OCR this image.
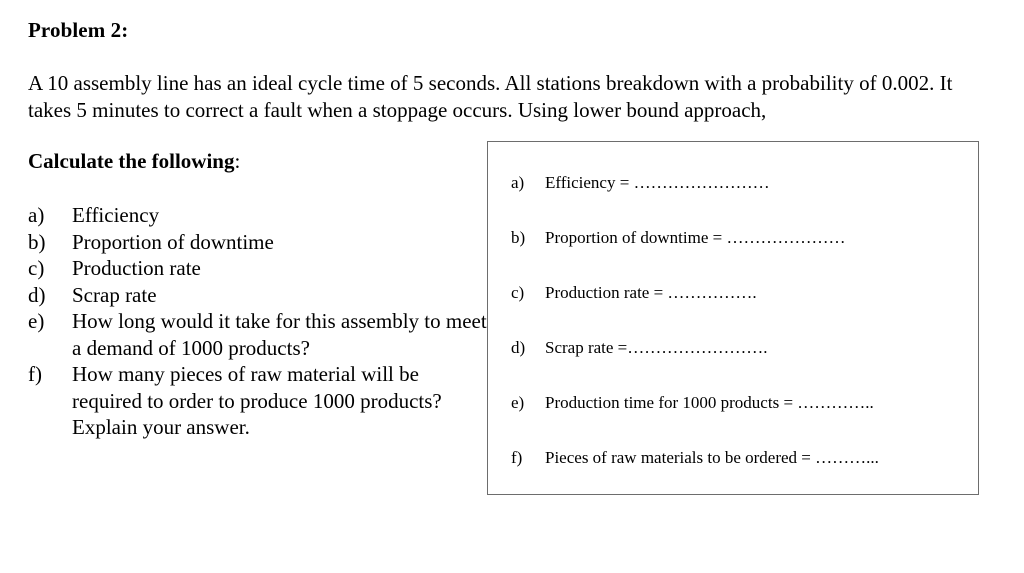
Problem 2:
A 10 assembly line has an ideal cycle time of 5 seconds. All stations breakdown with a probability of 0.002. It takes 5 minutes to correct a fault when a stoppage occurs. Using lower bound approach,
Calculate the following:
a)	Efficiency
b)	Proportion of downtime
c)	Production rate
d)	Scrap rate
e)	How long would it take for this assembly to meet a demand of 1000 products?
f)	How many pieces of raw material will be required to order to produce 1000 products? Explain your answer.
a)	Efficiency = ……………………
b)	Proportion of downtime = …………………
c)	Production rate = …………….
d)	Scrap rate =…………………….
e)	Production time for 1000 products = …………..
f)	Pieces of raw materials to be ordered = ………...
